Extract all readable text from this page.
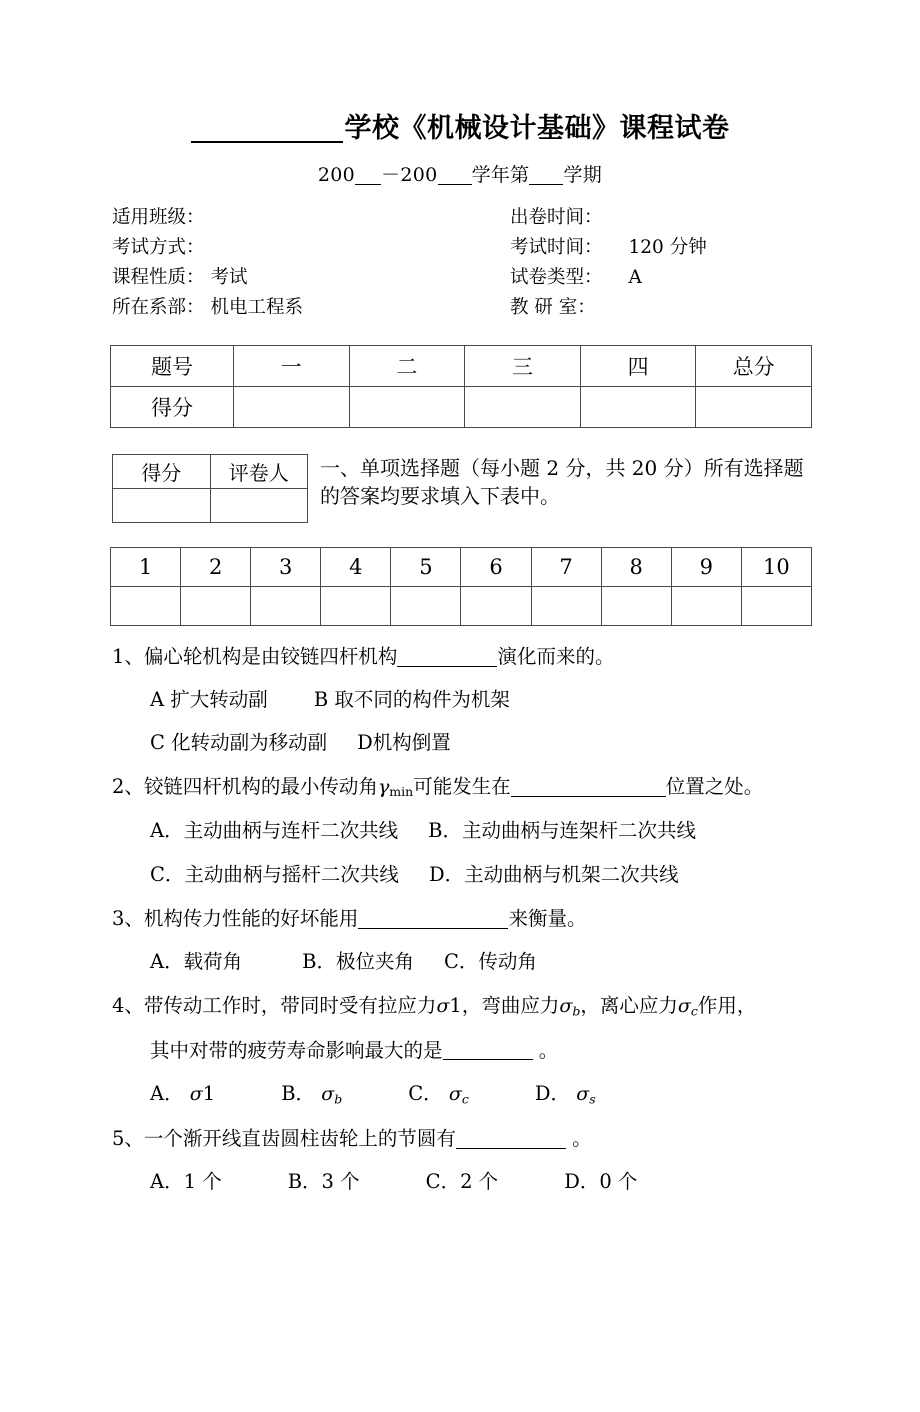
学校《机械设计基础》课程试卷
200 －200 学年第 学期
适用班级：	出卷时间：
考试方式：	考试时间： 120 分钟
课程性质： 考试	试卷类型： A
所在系部： 机电工程系	教 研 室：
题号	一	二	三	四	总分
得分					
得分	评卷人
	一、单项选择题（每小题 2 分，共 20 分）所有选择题
的答案均要求填入下表中。
1	2	3	4	5	6	7	8	9	10

1、偏心轮机构是由铰链四杆机构	演化而来的。
A 扩大转动副 B 取不同的构件为机架
C 化转动副为移动副 D机构倒置
2、铰链四杆机构的最小传动角γmin可能发生在	位置之处。
A．主动曲柄与连杆二次共线 B．主动曲柄与连架杆二次共线
C．主动曲柄与摇杆二次共线 D．主动曲柄与机架二次共线
3、机构传力性能的好坏能用	来衡量。
A．载荷角	B．极位夹角 C．传动角
4、带传动工作时，带同时受有拉应力σ1，弯曲应力$\sigma_b$，离心应力$\sigma_c$作用，
其中对带的疲劳寿命影响最大的是	。
A． σ1	B． $\sigma_b$	C． $\sigma_c$	D． $\sigma_s$
5、一个渐开线直齿圆柱齿轮上的节圆有	。
A．1 个	B．3 个	C．2 个	D．0 个
